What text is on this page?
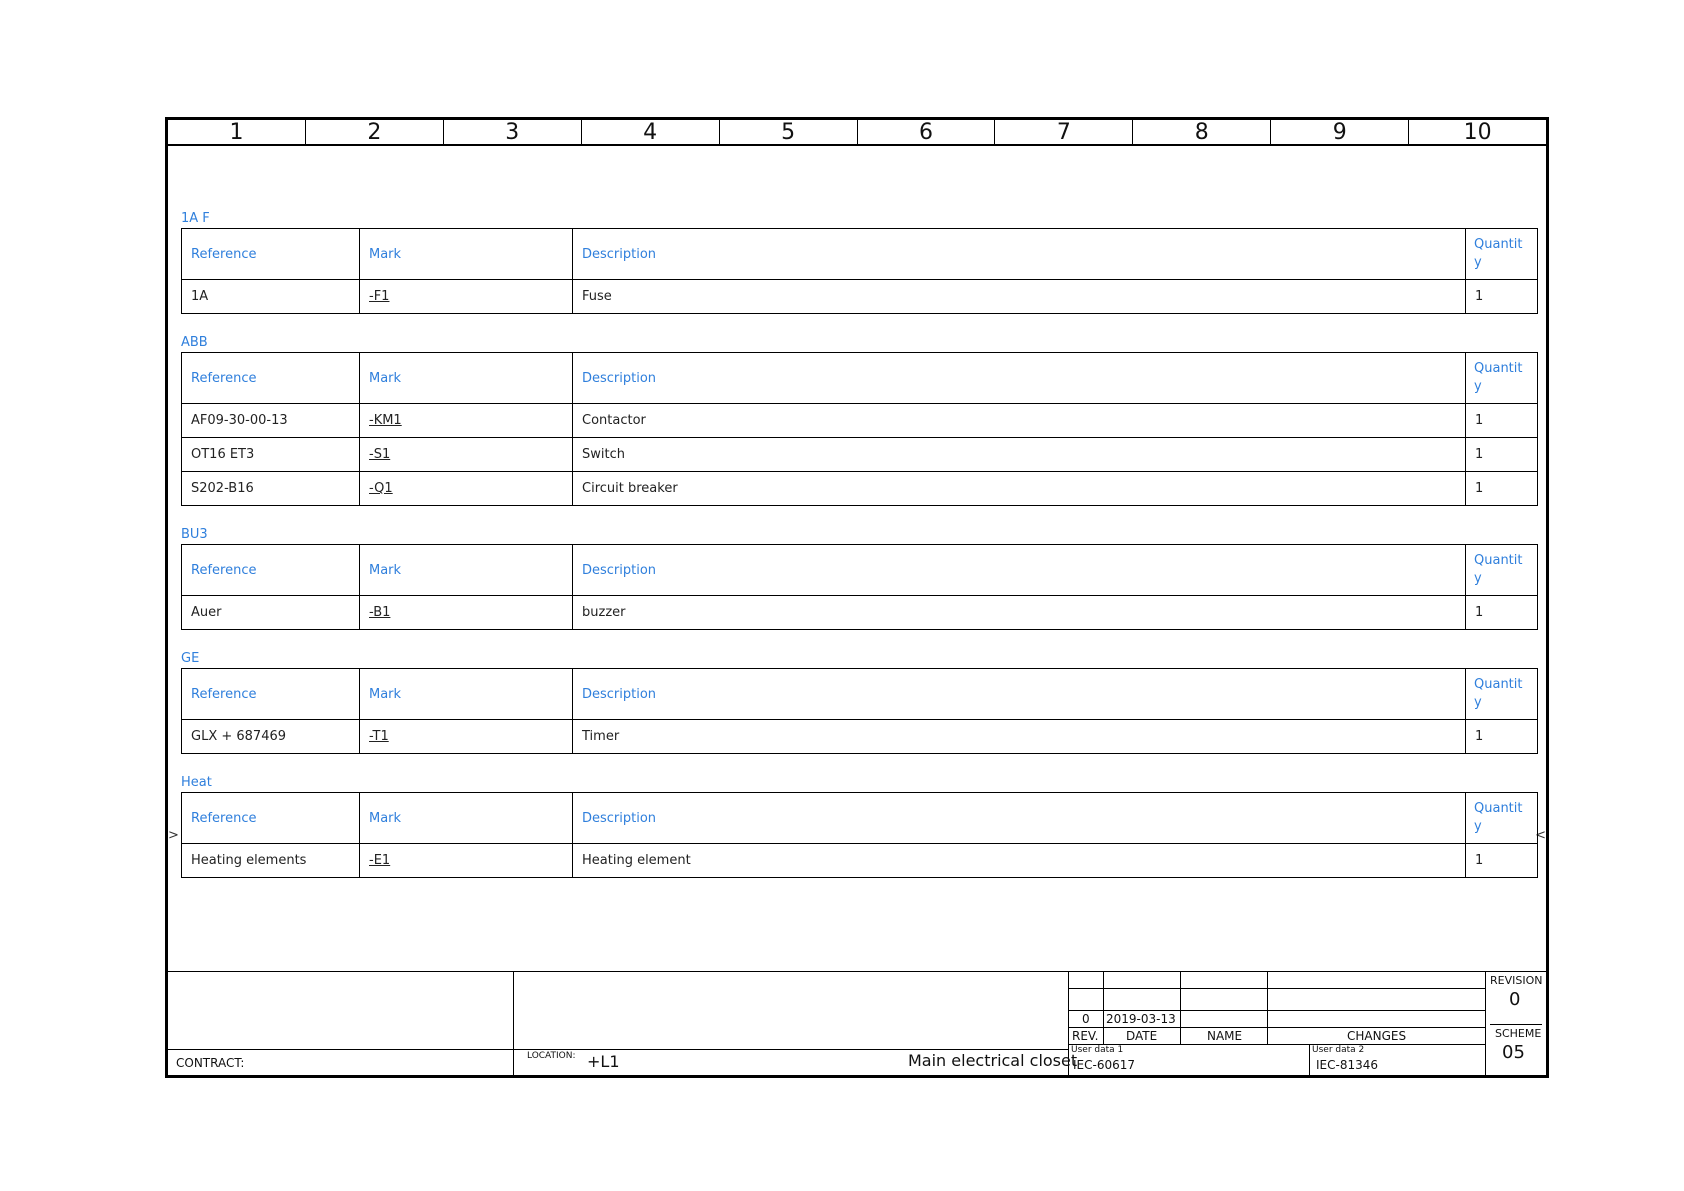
1	2	3	4	5	6	7	8	9	10
>	<
1A F
Reference	Mark	Description	Quantity
1A	-F1	Fuse	1
ABB
Reference	Mark	Description	Quantity
AF09-30-00-13	-KM1	Contactor	1
OT16 ET3	-S1	Switch	1
S202-B16	-Q1	Circuit breaker	1
BU3
Reference	Mark	Description	Quantity
Auer	-B1	buzzer	1
GE
Reference	Mark	Description	Quantity
GLX + 687469	-T1	Timer	1
Heat
Reference	Mark	Description	Quantity
Heating elements	-E1	Heating element	1
CONTRACT:	LOCATION: +L1	Main electrical closet
0 2019-03-13
REV. DATE	NAME	CHANGES
User data 1
IEC-60617
User data 2
IEC-81346
REVISION
0
SCHEME
05
